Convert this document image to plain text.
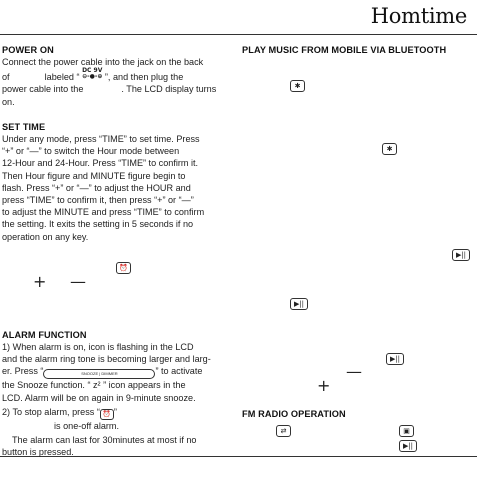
Homtime
POWER ON
Connect the power cable into the jack on the back
of	labeled “ DC 9V
⊖-●-⊕ ”, and then plug the
power cable into the	. The LCD display turns
on.
SET TIME
Under any mode, press “TIME” to set time. Press
“+” or “—” to switch the Hour mode between
12-Hour and 24-Hour. Press “TIME” to confirm it.
Then Hour figure and MINUTE figure begin to
flash. Press “+” or “—” to adjust the HOUR and
press “TIME” to confirm it, then press “+” or “—”
to adjust the MINUTE and press “TIME” to confirm
the setting. It exits the setting in 5 seconds if no
operation on any key.
⏰
+ —
ALARM FUNCTION
1) When alarm is on, icon is flashing in the LCD
and the alarm ring tone is becoming larger and larg-
er. Press “	SNOOZE | DIMMER	” to activate
the Snooze function. “ z² ” icon appears in the
LCD. Alarm will be on again in 9-minute snooze.
2) To stop alarm, press “ ⏰ ”
is one-off alarm.
The alarm can last for 30minutes at most if no
button is pressed.
PLAY MUSIC FROM MOBILE VIA BLUETOOTH
✱
✱
▶||
▶||
▶||
+
—
FM RADIO OPERATION
⇄	▣
▶||
